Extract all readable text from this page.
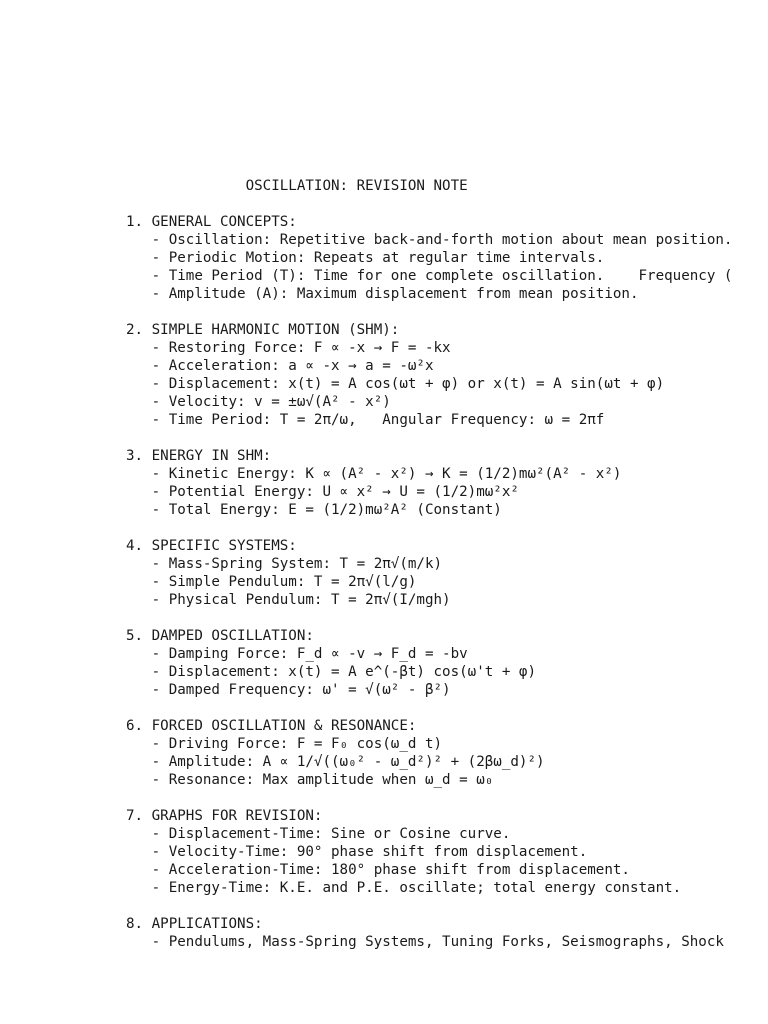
OSCILLATION: REVISION NOTE
1. GENERAL CONCEPTS:
- Oscillation: Repetitive back-and-forth motion about mean position.
- Periodic Motion: Repeats at regular time intervals.
- Time Period (T): Time for one complete oscillation.    Frequency (
- Amplitude (A): Maximum displacement from mean position.
2. SIMPLE HARMONIC MOTION (SHM):
- Restoring Force: F ∝ -x → F = -kx
- Acceleration: a ∝ -x → a = -ω²x
- Displacement: x(t) = A cos(ωt + φ) or x(t) = A sin(ωt + φ)
- Velocity: v = ±ω√(A² - x²)
- Time Period: T = 2π/ω,   Angular Frequency: ω = 2πf
3. ENERGY IN SHM:
- Kinetic Energy: K ∝ (A² - x²) → K = (1/2)mω²(A² - x²)
- Potential Energy: U ∝ x² → U = (1/2)mω²x²
- Total Energy: E = (1/2)mω²A² (Constant)
4. SPECIFIC SYSTEMS:
- Mass-Spring System: T = 2π√(m/k)
- Simple Pendulum: T = 2π√(l/g)
- Physical Pendulum: T = 2π√(I/mgh)
5. DAMPED OSCILLATION:
- Damping Force: F_d ∝ -v → F_d = -bv
- Displacement: x(t) = A e^(-βt) cos(ω't + φ)
- Damped Frequency: ω' = √(ω² - β²)
6. FORCED OSCILLATION & RESONANCE:
- Driving Force: F = F₀ cos(ω_d t)
- Amplitude: A ∝ 1/√((ω₀² - ω_d²)² + (2βω_d)²)
- Resonance: Max amplitude when ω_d = ω₀
7. GRAPHS FOR REVISION:
- Displacement-Time: Sine or Cosine curve.
- Velocity-Time: 90° phase shift from displacement.
- Acceleration-Time: 180° phase shift from displacement.
- Energy-Time: K.E. and P.E. oscillate; total energy constant.
8. APPLICATIONS:
- Pendulums, Mass-Spring Systems, Tuning Forks, Seismographs, Shock
